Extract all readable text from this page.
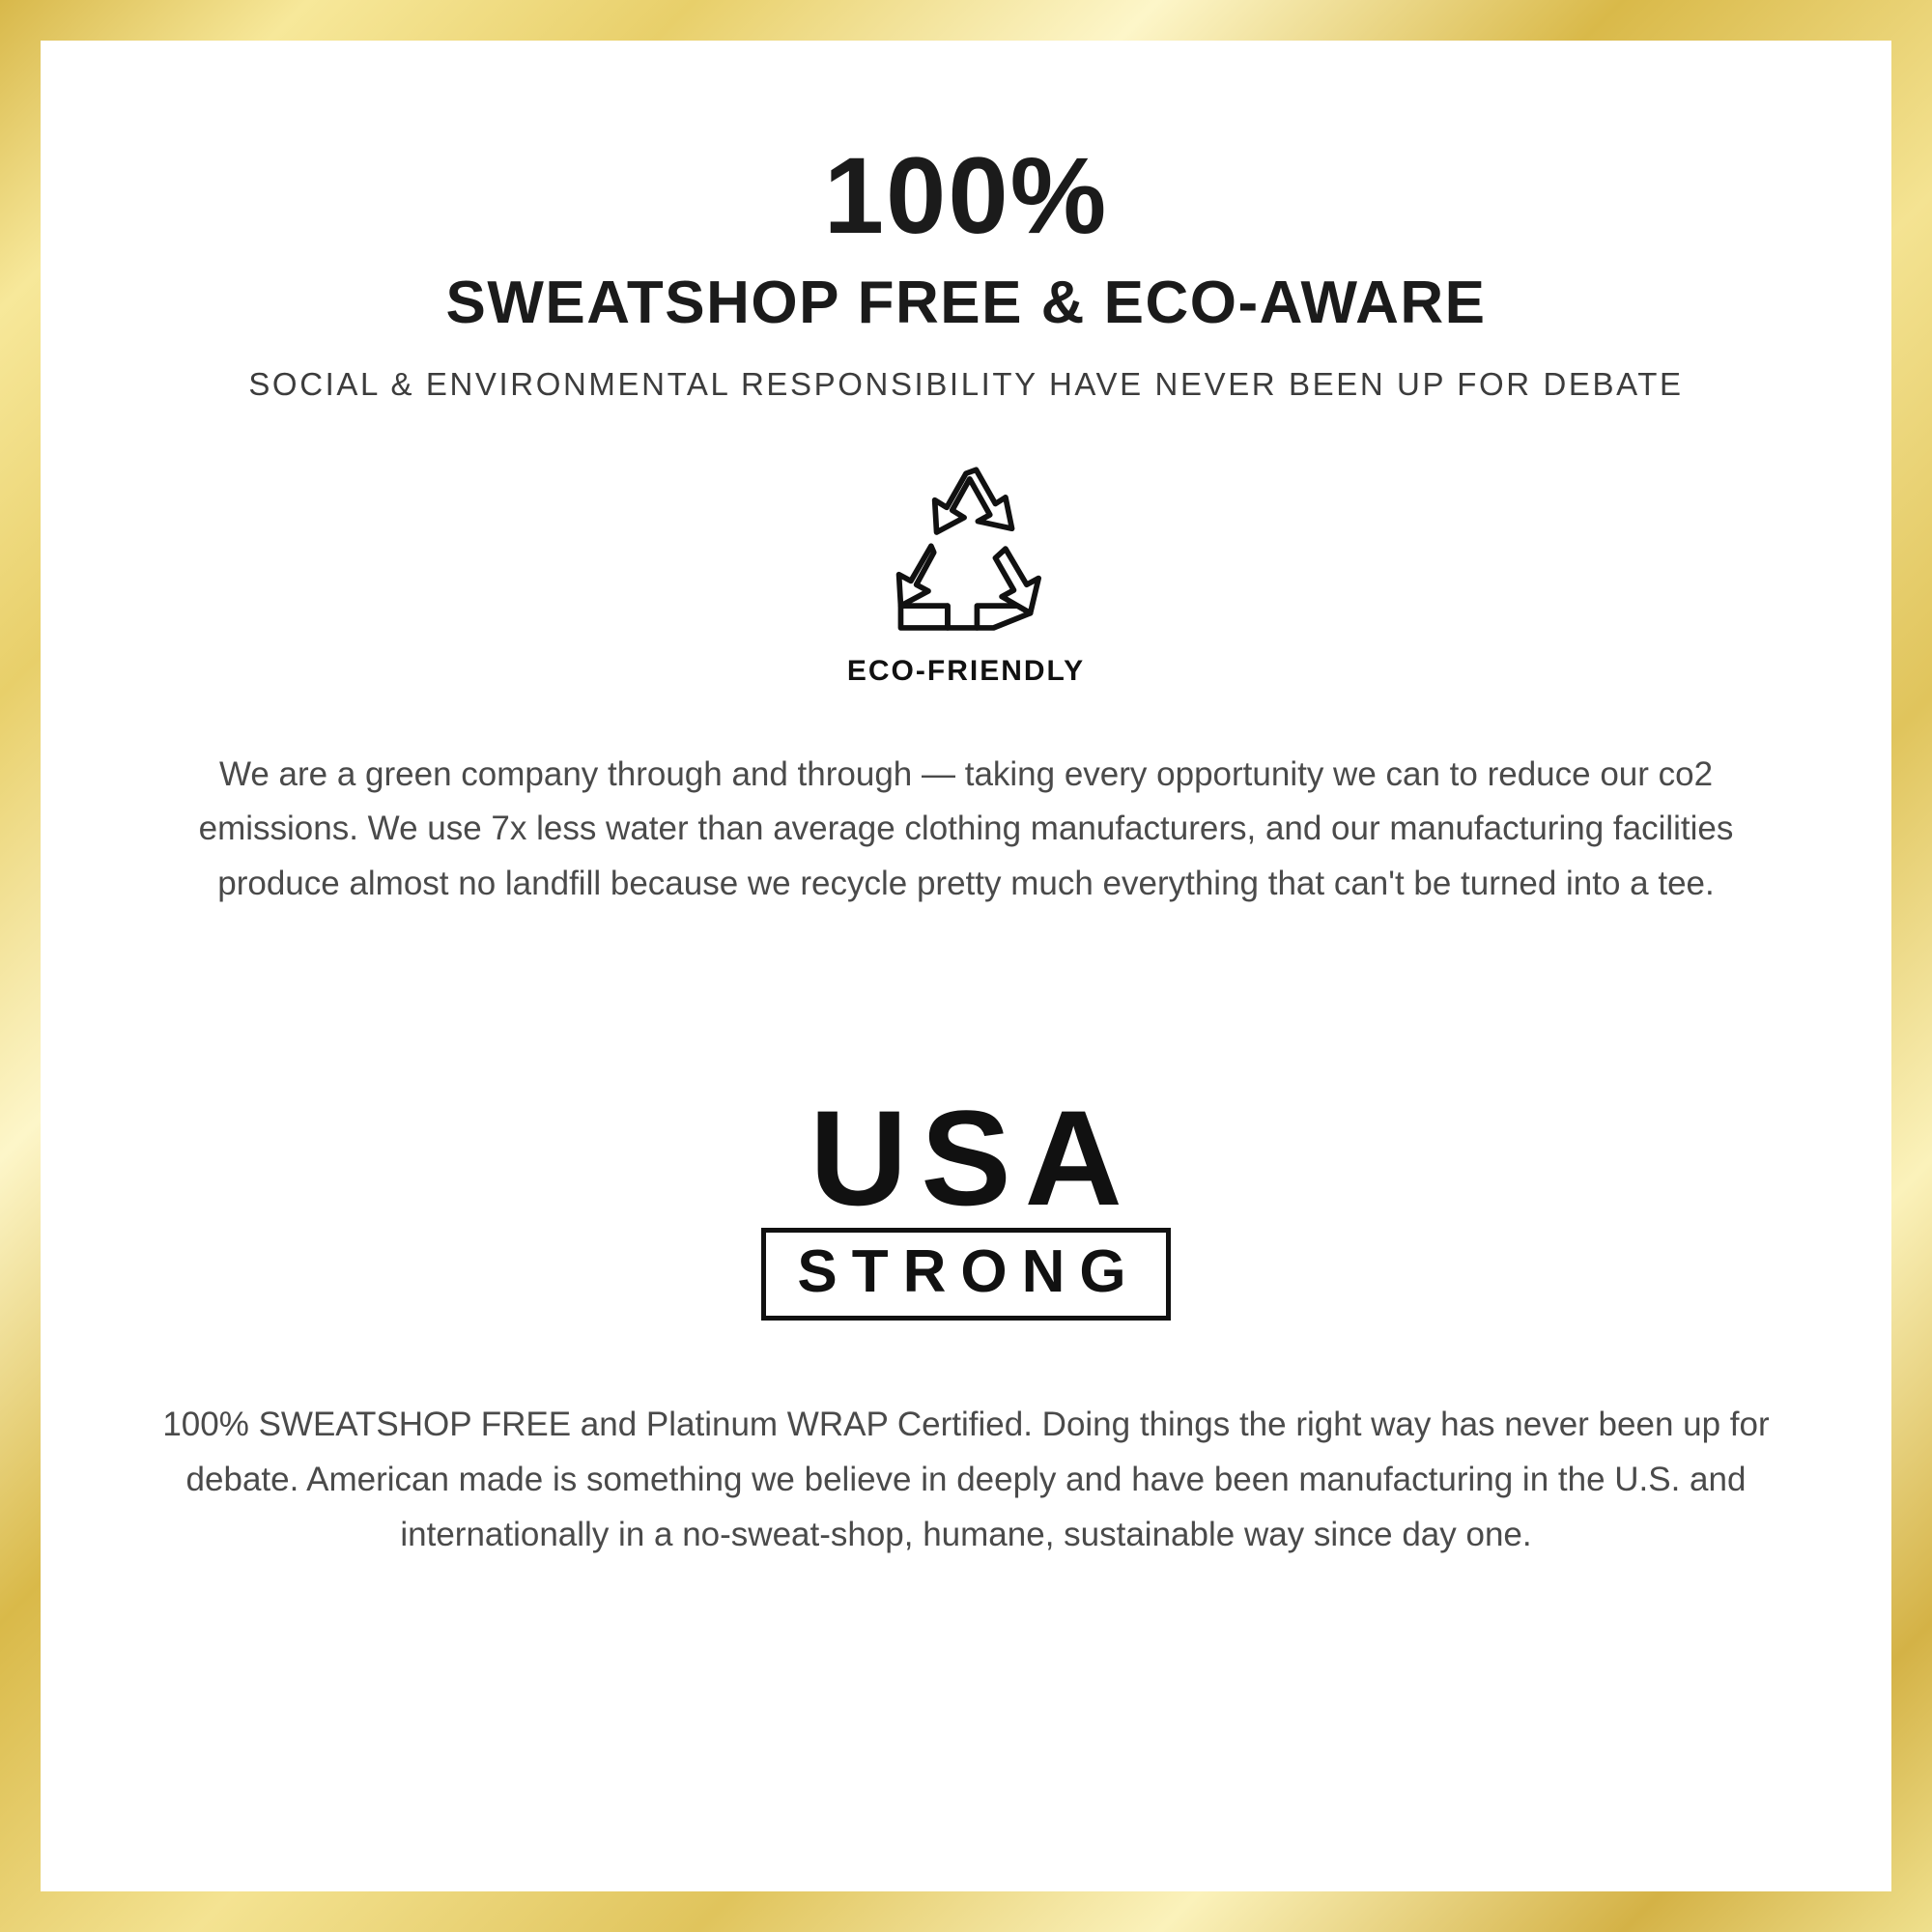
100%
SWEATSHOP FREE & ECO-AWARE
SOCIAL & ENVIRONMENTAL RESPONSIBILITY HAVE NEVER BEEN UP FOR DEBATE
ECO-FRIENDLY

We are a green company through and through — taking every opportunity we can to reduce our co2 emissions. We use 7x less water than average clothing manufacturers, and our manufacturing facilities produce almost no landfill because we recycle pretty much everything that can't be turned into a tee.

USA
STRONG

100% SWEATSHOP FREE and Platinum WRAP Certified. Doing things the right way has never been up for debate. American made is something we believe in deeply and have been manufacturing in the U.S. and internationally in a no-sweat-shop, humane, sustainable way since day one.
